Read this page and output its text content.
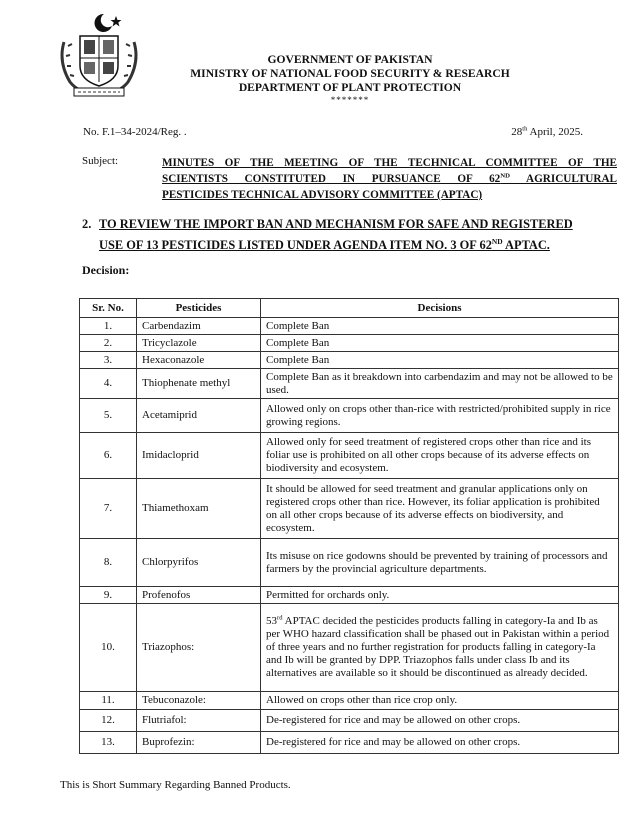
GOVERNMENT OF PAKISTAN
MINISTRY OF NATIONAL FOOD SECURITY & RESEARCH
DEPARTMENT OF PLANT PROTECTION
*******
No. F.1–34-2024/Reg. .	28th April, 2025.
Subject:	MINUTES OF THE MEETING OF THE TECHNICAL COMMITTEE OF THE
SCIENTISTS CONSTITUTED IN PURSUANCE OF 62ND AGRICULTURAL
PESTICIDES TECHNICAL ADVISORY COMMITTEE (APTAC)
2. TO REVIEW THE IMPORT BAN AND MECHANISM FOR SAFE AND REGISTERED
USE OF 13 PESTICIDES LISTED UNDER AGENDA ITEM NO. 3 OF 62ND APTAC.
Decision:
Sr. No.	Pesticides	Decisions
1.	Carbendazim	Complete Ban
2.	Tricyclazole	Complete Ban
3.	Hexaconazole	Complete Ban
4.	Thiophenate methyl	Complete Ban as it breakdown into carbendazim and may not be allowed to be used.
5.	Acetamiprid	Allowed only on crops other than-rice with restricted/prohibited supply in rice growing regions.
6.	Imidacloprid	Allowed only for seed treatment of registered crops other than rice and its foliar use is prohibited on all other crops because of its adverse effects on biodiversity and ecosystem.
7.	Thiamethoxam	It should be allowed for seed treatment and granular applications only on registered crops other than rice. However, its foliar application is prohibited on all other crops because of its adverse effects on biodiversity, and ecosystem.
8.	Chlorpyrifos	Its misuse on rice godowns should be prevented by training of processors and farmers by the provincial agriculture departments.
9.	Profenofos	Permitted for orchards only.
10.	Triazophos:	53rd APTAC decided the pesticides products falling in category-Ia and Ib as per WHO hazard classification shall be phased out in Pakistan within a period of three years and no further registration for products falling in category-Ia and Ib will be granted by DPP. Triazophos falls under class Ib and its alternatives are available so it should be discontinued as already decided.
11.	Tebuconazole:	Allowed on crops other than rice crop only.
12.	Flutriafol:	De-registered for rice and may be allowed on other crops.
13.	Buprofezin:	De-registered for rice and may be allowed on other crops.
This is Short Summary Regarding Banned Products.
